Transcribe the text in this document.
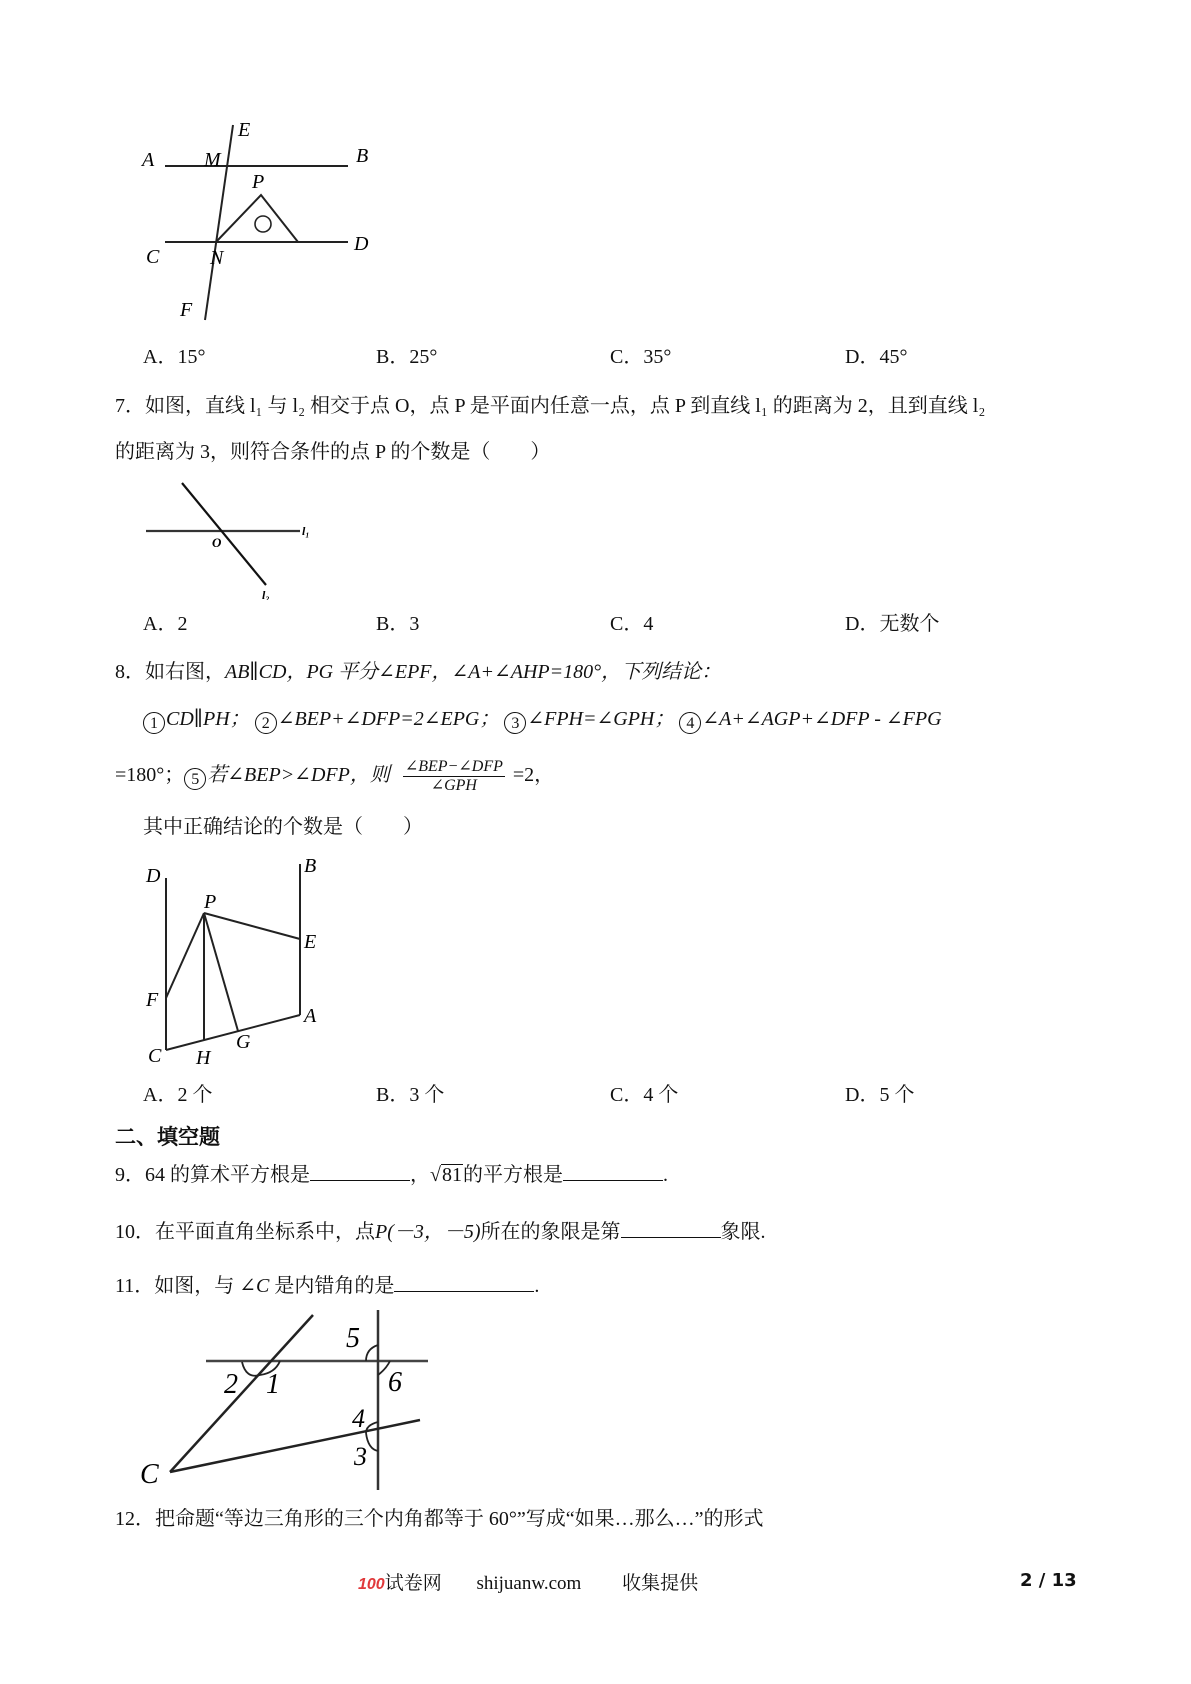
E
A M	B
P
C	N
D
F
A．15°	B．25°	C．35°	D．45°
7．如图，直线 l₁ 与 l₂ 相交于点 O，点 P 是平面内任意一点，点 P 到直线 l₁ 的距离为 2，且到直线 l₂
的距离为 3，则符合条件的点 P 的个数是（　　）
O
l₁
l₂
A．2	B．3	C．4	D．无数个
8．如右图，AB∥CD，PG 平分∠EPF，∠A+∠AHP=180°，下列结论：
1 CD∥PH； 2 ∠BEP+∠DFP=2∠EPG； 3 ∠FPH=∠GPH； 4 ∠A+∠AGP+∠DFP - ∠FPG
=180°； 5 若∠BEP>∠DFP，则 $\frac{\text{∠BEP−∠DFP}}{\text{∠GPH}} =2$，
其中正确结论的个数是（　　）
D	B
P
E
F
A
C H
G
A．2 个	B．3 个	C．4 个	D．5 个
二、填空题
9．64 的算术平方根是	，√81的平方根是	.
10．在平面直角坐标系中，点P(－3，－5)所在的象限是第	象限.
11．如图，与 ∠C 是内错角的是	.
2 1
5
6
4
3
C
12．把命题“等边三角形的三个内角都等于 60°”写成“如果…那么…”的形式
100试卷网 shijuanw.com 收集提供	2 / 13
